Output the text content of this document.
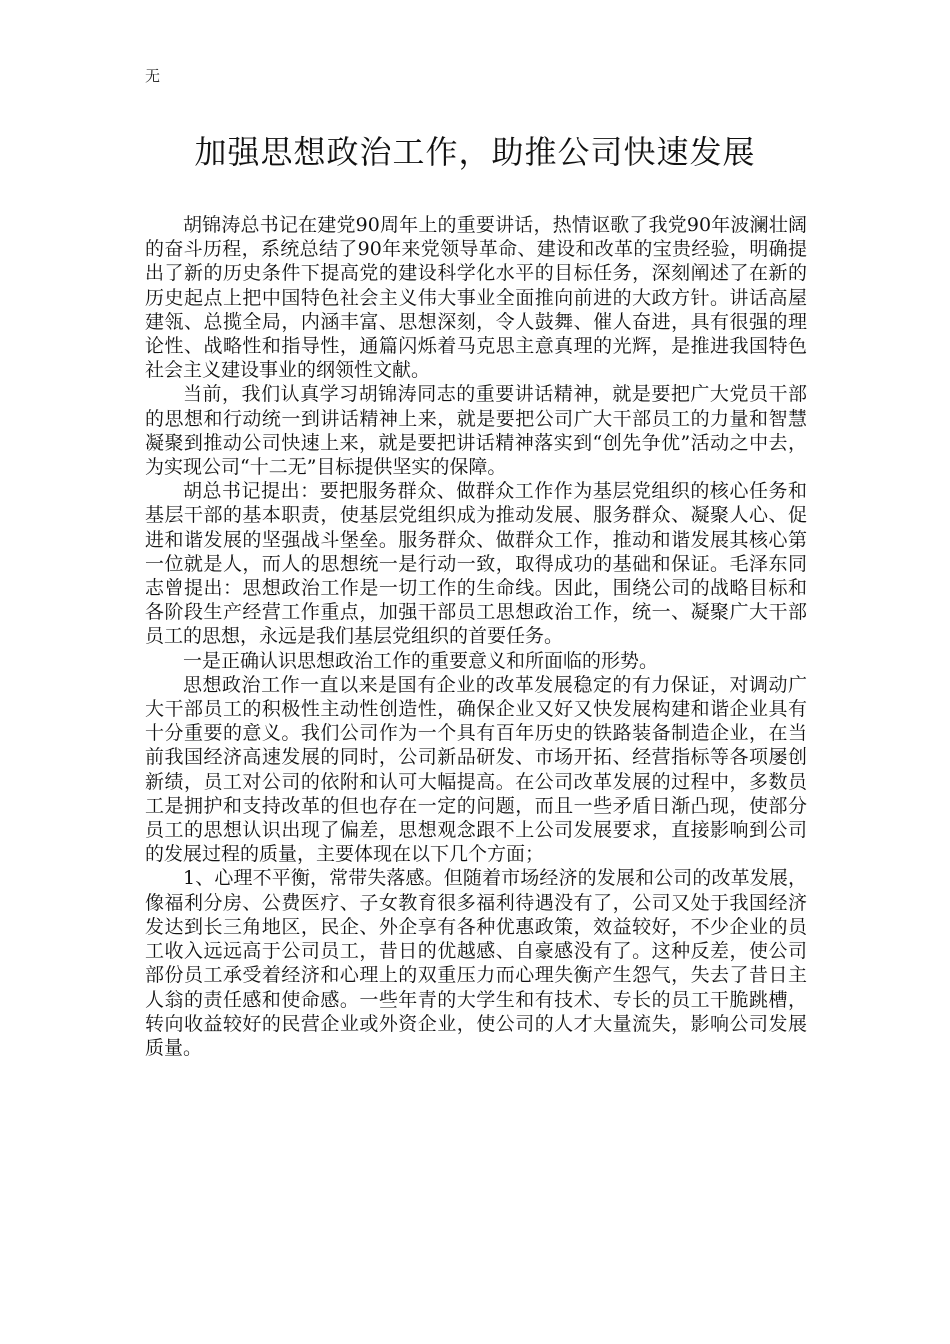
无
加强思想政治工作，助推公司快速发展

胡锦涛总书记在建党90周年上的重要讲话，热情讴歌了我党90年波澜壮阔的奋斗历程，系统总结了90年来党领导革命、建设和改革的宝贵经验，明确提出了新的历史条件下提高党的建设科学化水平的目标任务，深刻阐述了在新的历史起点上把中国特色社会主义伟大事业全面推向前进的大政方针。讲话高屋建瓴、总揽全局，内涵丰富、思想深刻，令人鼓舞、催人奋进，具有很强的理论性、战略性和指导性，通篇闪烁着马克思主意真理的光辉，是推进我国特色社会主义建设事业的纲领性文献。

当前，我们认真学习胡锦涛同志的重要讲话精神，就是要把广大党员干部的思想和行动统一到讲话精神上来，就是要把公司广大干部员工的力量和智慧凝聚到推动公司快速上来，就是要把讲话精神落实到“创先争优”活动之中去，为实现公司“十二无”目标提供坚实的保障。

胡总书记提出：要把服务群众、做群众工作作为基层党组织的核心任务和基层干部的基本职责，使基层党组织成为推动发展、服务群众、凝聚人心、促进和谐发展的坚强战斗堡垒。服务群众、做群众工作，推动和谐发展其核心第一位就是人，而人的思想统一是行动一致，取得成功的基础和保证。毛泽东同志曾提出：思想政治工作是一切工作的生命线。因此，围绕公司的战略目标和各阶段生产经营工作重点，加强干部员工思想政治工作，统一、凝聚广大干部员工的思想，永远是我们基层党组织的首要任务。

一是正确认识思想政治工作的重要意义和所面临的形势。

思想政治工作一直以来是国有企业的改革发展稳定的有力保证，对调动广大干部员工的积极性主动性创造性，确保企业又好又快发展构建和谐企业具有十分重要的意义。我们公司作为一个具有百年历史的铁路装备制造企业，在当前我国经济高速发展的同时，公司新品研发、市场开拓、经营指标等各项屡创新绩，员工对公司的依附和认可大幅提高。在公司改革发展的过程中，多数员工是拥护和支持改革的但也存在一定的问题，而且一些矛盾日渐凸现，使部分员工的思想认识出现了偏差，思想观念跟不上公司发展要求，直接影响到公司的发展过程的质量，主要体现在以下几个方面；

1、心理不平衡，常带失落感。但随着市场经济的发展和公司的改革发展，像福利分房、公费医疗、子女教育很多福利待遇没有了，公司又处于我国经济发达到长三角地区，民企、外企享有各种优惠政策，效益较好，不少企业的员工收入远远高于公司员工，昔日的优越感、自豪感没有了。这种反差，使公司部份员工承受着经济和心理上的双重压力而心理失衡产生怨气，失去了昔日主人翁的责任感和使命感。一些年青的大学生和有技术、专长的员工干脆跳槽，转向收益较好的民营企业或外资企业，使公司的人才大量流失，影响公司发展质量。
